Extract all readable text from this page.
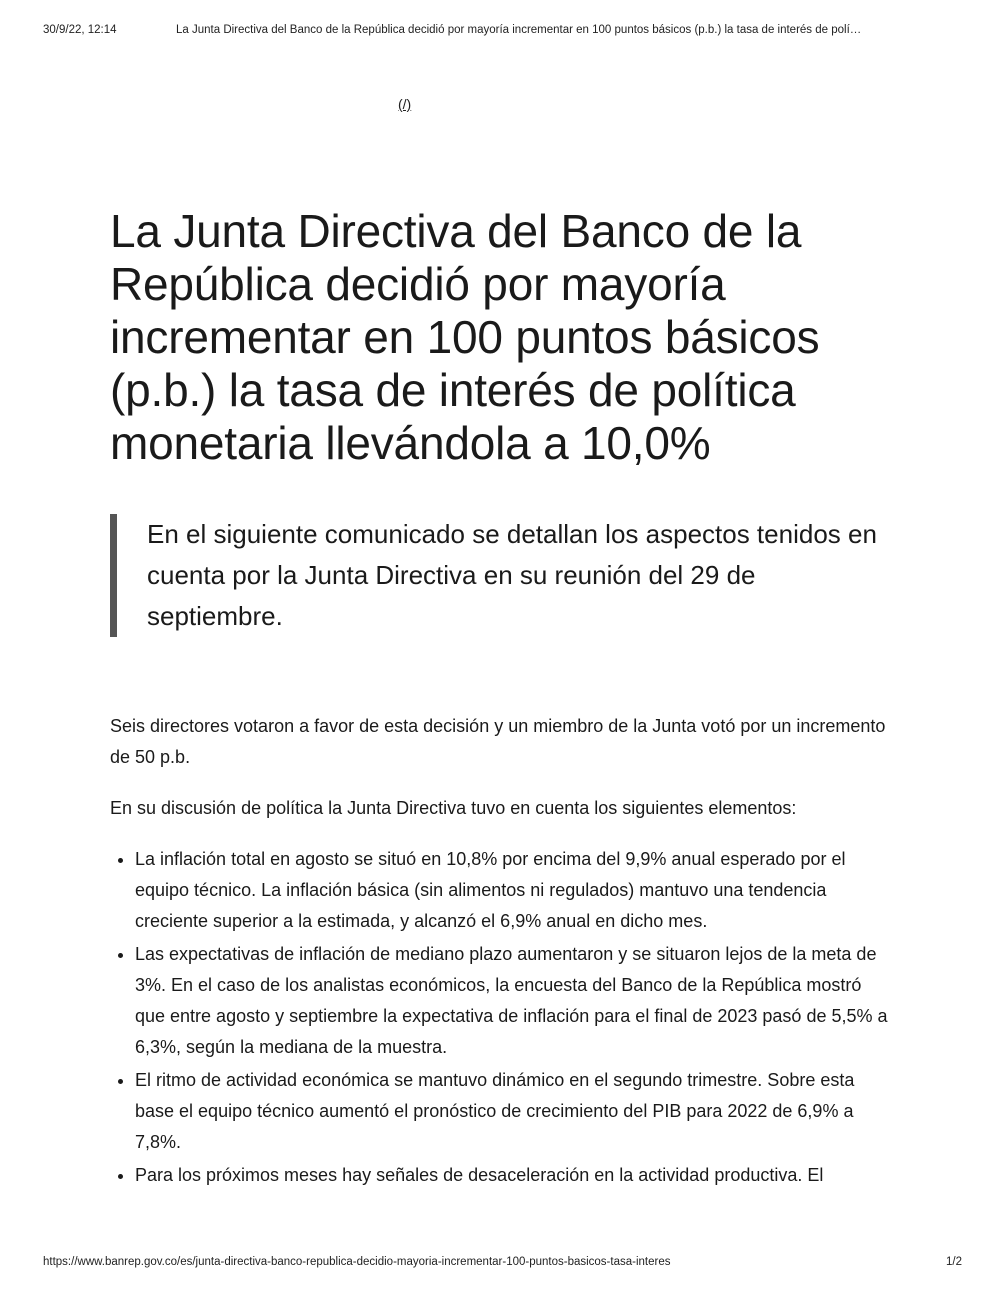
30/9/22, 12:14	La Junta Directiva del Banco de la República decidió por mayoría incrementar en 100 puntos básicos (p.b.) la tasa de interés de polí…
(/)
La Junta Directiva del Banco de la República decidió por mayoría incrementar en 100 puntos básicos (p.b.) la tasa de interés de política monetaria llevándola a 10,0%
En el siguiente comunicado se detallan los aspectos tenidos en cuenta por la Junta Directiva en su reunión del 29 de septiembre.

Seis directores votaron a favor de esta decisión y un miembro de la Junta votó por un incremento de 50 p.b.

En su discusión de política la Junta Directiva tuvo en cuenta los siguientes elementos:

• La inflación total en agosto se situó en 10,8% por encima del 9,9% anual esperado por el equipo técnico. La inflación básica (sin alimentos ni regulados) mantuvo una tendencia creciente superior a la estimada, y alcanzó el 6,9% anual en dicho mes.
• Las expectativas de inflación de mediano plazo aumentaron y se situaron lejos de la meta de 3%. En el caso de los analistas económicos, la encuesta del Banco de la República mostró que entre agosto y septiembre la expectativa de inflación para el final de 2023 pasó de 5,5% a 6,3%, según la mediana de la muestra.
• El ritmo de actividad económica se mantuvo dinámico en el segundo trimestre. Sobre esta base el equipo técnico aumentó el pronóstico de crecimiento del PIB para 2022 de 6,9% a 7,8%.
• Para los próximos meses hay señales de desaceleración en la actividad productiva. El
https://www.banrep.gov.co/es/junta-directiva-banco-republica-decidio-mayoria-incrementar-100-puntos-basicos-tasa-interes	1/2
